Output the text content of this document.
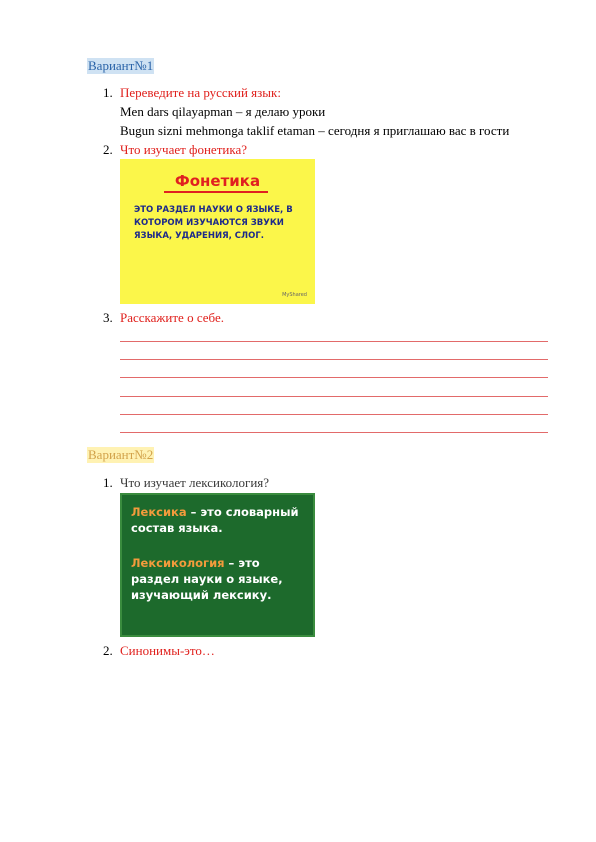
Вариант№1
1. Переведите на русский язык:
Men dars qilayapman – я делаю уроки
Bugun sizni mehmonga taklif etaman – сегодня я приглашаю вас в гости
2. Что изучает фонетика?
Фонетика
ЭТО РАЗДЕЛ НАУКИ О ЯЗЫКЕ, В КОТОРОМ ИЗУЧАЮТСЯ ЗВУКИ ЯЗЫКА, УДАРЕНИЯ, СЛОГ.
MyShared
3. Расскажите о себе.
Вариант№2
1. Что изучает лексикология?
Лексика – это словарный состав языка.
Лексикология – это раздел науки о языке, изучающий лексику.
2. Синонимы-это…
